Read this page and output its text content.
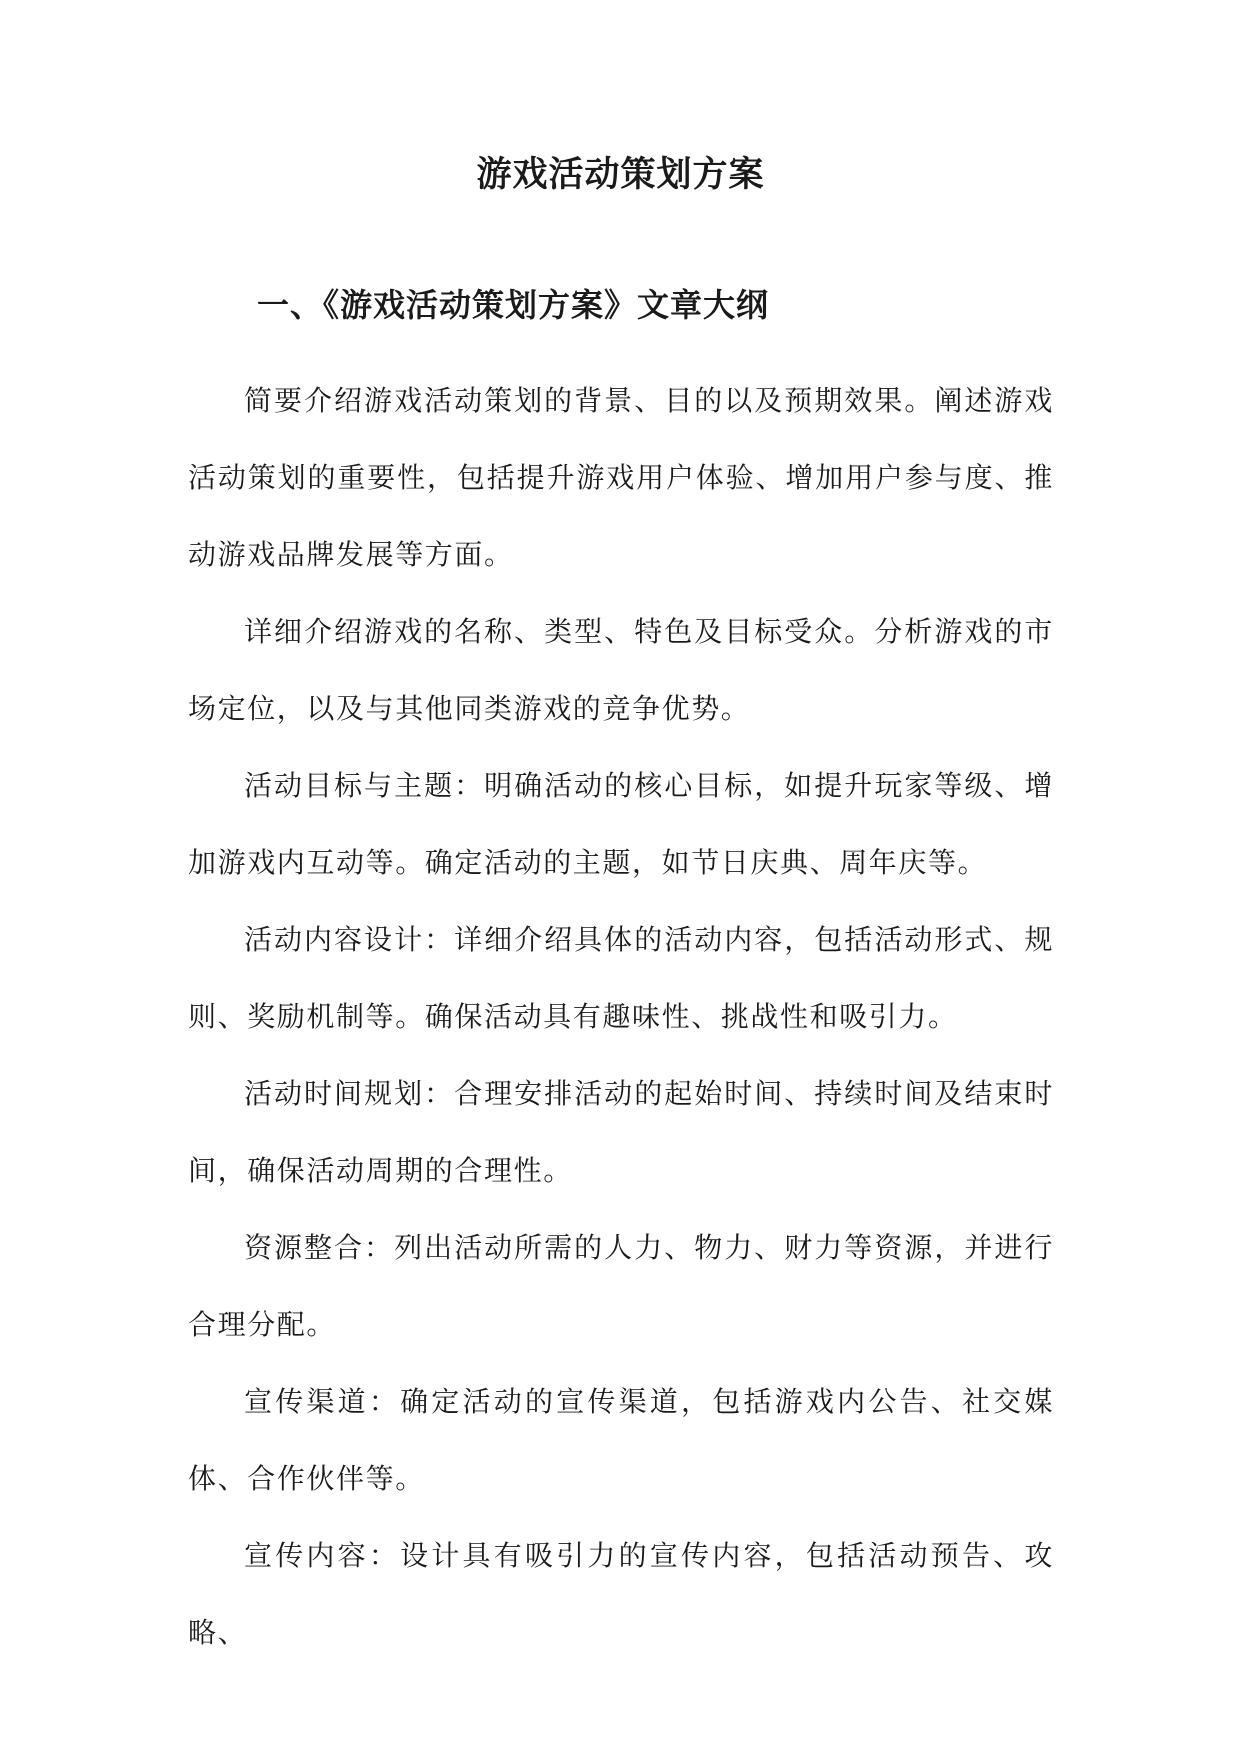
游戏活动策划方案
一、《游戏活动策划方案》文章大纲

简要介绍游戏活动策划的背景、目的以及预期效果。阐述游戏活动策划的重要性，包括提升游戏用户体验、增加用户参与度、推动游戏品牌发展等方面。

详细介绍游戏的名称、类型、特色及目标受众。分析游戏的市场定位，以及与其他同类游戏的竞争优势。

活动目标与主题：明确活动的核心目标，如提升玩家等级、增加游戏内互动等。确定活动的主题，如节日庆典、周年庆等。

活动内容设计：详细介绍具体的活动内容，包括活动形式、规则、奖励机制等。确保活动具有趣味性、挑战性和吸引力。

活动时间规划：合理安排活动的起始时间、持续时间及结束时间，确保活动周期的合理性。

资源整合：列出活动所需的人力、物力、财力等资源，并进行合理分配。

宣传渠道：确定活动的宣传渠道，包括游戏内公告、社交媒体、合作伙伴等。

宣传内容：设计具有吸引力的宣传内容，包括活动预告、攻略、
